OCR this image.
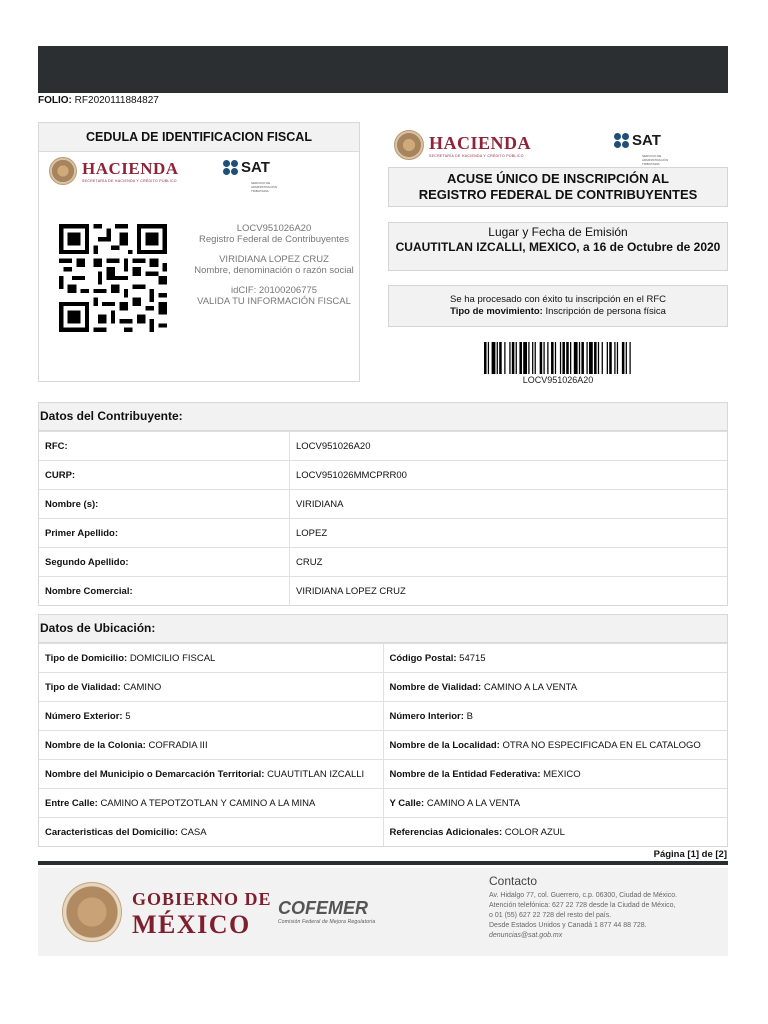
FOLIO: RF2020111884827
CEDULA DE IDENTIFICACION FISCAL
HACIENDA
SECRETARÍA DE HACIENDA Y CRÉDITO PÚBLICO
SAT
SERVICIO DE ADMINISTRACIÓN TRIBUTARIA
LOCV951026A20
Registro Federal de Contribuyentes
VIRIDIANA LOPEZ CRUZ
Nombre, denominación o razón social
idCIF: 20100206775
VALIDA TU INFORMACIÓN FISCAL
HACIENDA
SECRETARÍA DE HACIENDA Y CRÉDITO PÚBLICO
SAT
SERVICIO DE ADMINISTRACIÓN TRIBUTARIA
ACUSE ÚNICO DE INSCRIPCIÓN AL
REGISTRO FEDERAL DE CONTRIBUYENTES
Lugar y Fecha de Emisión
CUAUTITLAN IZCALLI, MEXICO, a 16 de Octubre de 2020
Se ha procesado con éxito tu inscripción en el RFC
Tipo de movimiento: Inscripción de persona física
LOCV951026A20
Datos del Contribuyente:
RFC:	LOCV951026A20
CURP:	LOCV951026MMCPRR00
Nombre (s):	VIRIDIANA
Primer Apellido:	LOPEZ
Segundo Apellido:	CRUZ
Nombre Comercial:	VIRIDIANA LOPEZ CRUZ
Datos de Ubicación:
Tipo de Domicilio: DOMICILIO FISCAL	Código Postal: 54715
Tipo de Vialidad: CAMINO	Nombre de Vialidad: CAMINO A LA VENTA
Número Exterior: 5	Número Interior: B
Nombre de la Colonia: COFRADIA III	Nombre de la Localidad: OTRA NO ESPECIFICADA EN EL CATALOGO
Nombre del Municipio o Demarcación Territorial: CUAUTITLAN IZCALLI	Nombre de la Entidad Federativa: MEXICO
Entre Calle: CAMINO A TEPOTZOTLAN Y CAMINO A LA MINA	Y Calle: CAMINO A LA VENTA
Caracteristicas del Domicilio: CASA	Referencias Adicionales: COLOR AZUL
Página [1] de [2]
GOBIERNO DE
MÉXICO
COFEMER
Comisión Federal de Mejora Regulatoria
Contacto
Av. Hidalgo 77, col. Guerrero, c.p. 06300, Ciudad de México.
Atención telefónica: 627 22 728 desde la Ciudad de México,
o 01 (55) 627 22 728 del resto del país.
Desde Estados Unidos y Canadá 1 877 44 88 728.
denuncias@sat.gob.mx
